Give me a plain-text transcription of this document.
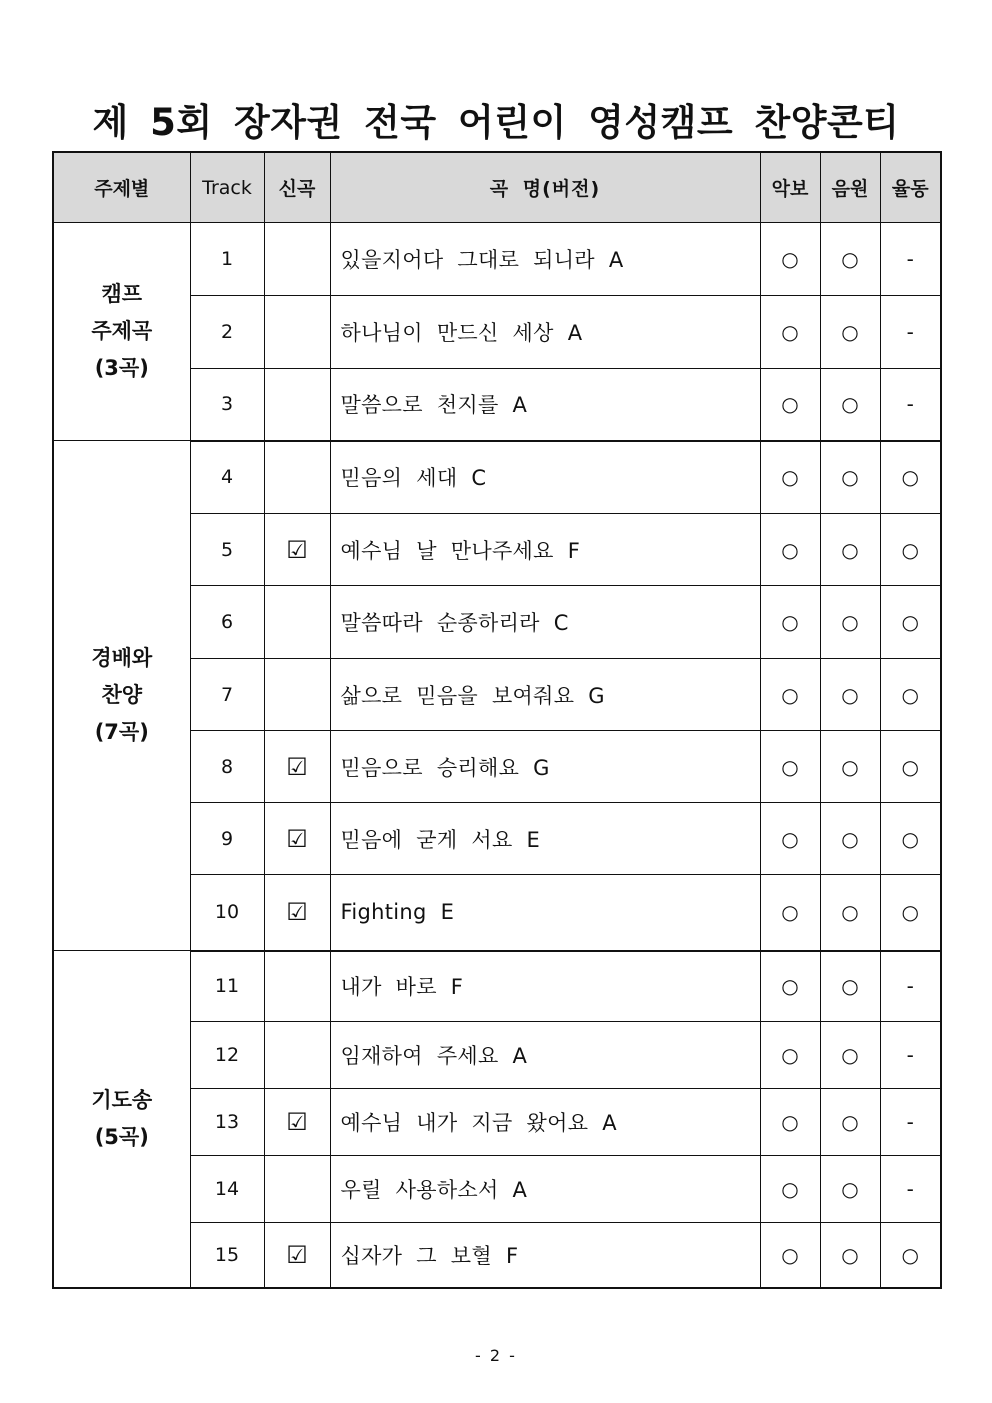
제 5회 장자권 전국 어린이 영성캠프 찬양콘티
주제별	Track	신곡	곡 명(버전)	악보	음원	율동

캠프
주제곡
(3곡)	1		있을지어다 그대로 되니라 A	○	○	-
	2		하나님이 만드신 세상 A	○	○	-
	3		말씀으로 천지를 A	○	○	-

경배와
찬양
(7곡)	4		믿음의 세대 C	○	○	○
	5	☑	예수님 날 만나주세요 F	○	○	○
	6		말씀따라 순종하리라 C	○	○	○
	7		삶으로 믿음을 보여줘요 G	○	○	○
	8	☑	믿음으로 승리해요 G	○	○	○
	9	☑	믿음에 굳게 서요 E	○	○	○
	10	☑	Fighting E	○	○	○

기도송
(5곡)	11		내가 바로 F	○	○	-
	12		임재하여 주세요 A	○	○	-
	13	☑	예수님 내가 지금 왔어요 A	○	○	-
	14		우릴 사용하소서 A	○	○	-
	15	☑	십자가 그 보혈 F	○	○	○
- 2 -
